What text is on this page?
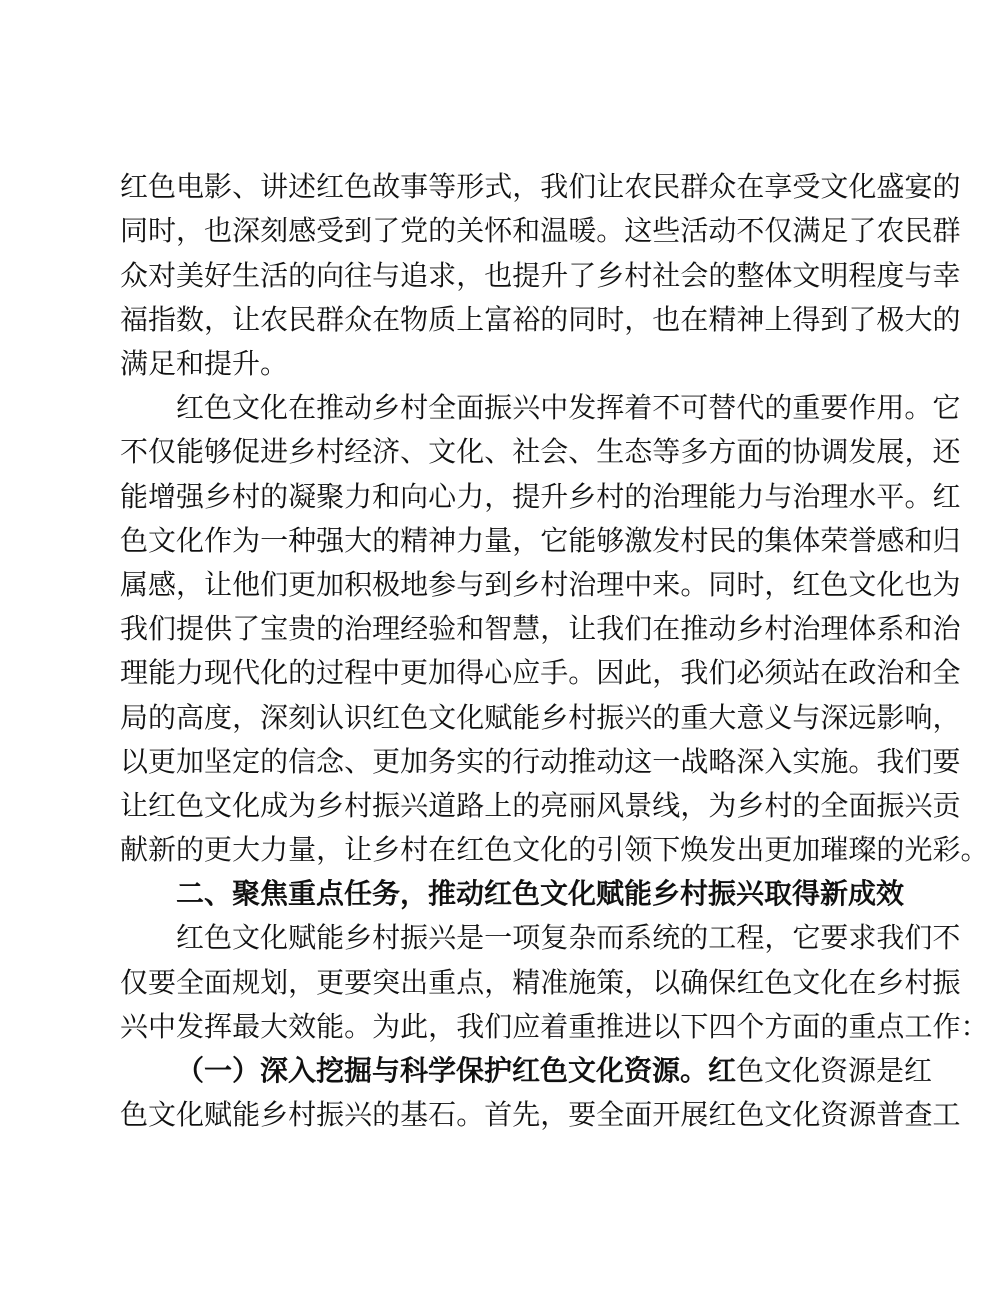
红 色 电 影 、 讲 述 红 色 故 事 等 形 式 ， 我 们 让 农 民 群 众 在 享 受 文 化 盛 宴 的
同 时 ， 也 深 刻 感 受 到 了 党 的 关 怀 和 温 暖 。 这 些 活 动 不 仅 满 足 了 农 民 群
众 对 美 好 生 活 的 向 往 与 追 求 ， 也 提 升 了 乡 村 社 会 的 整 体 文 明 程 度 与 幸
福 指 数 ， 让 农 民 群 众 在 物 质 上 富 裕 的 同 时 ， 也 在 精 神 上 得 到 了 极 大 的
满足和提升。
红 色 文 化 在 推 动 乡 村 全 面 振 兴 中 发 挥 着 不 可 替 代 的 重 要 作 用 。 它
不 仅 能 够 促 进 乡 村 经 济 、 文 化 、 社 会 、 生 态 等 多 方 面 的 协 调 发 展 ， 还
能 增 强 乡 村 的 凝 聚 力 和 向 心 力 ， 提 升 乡 村 的 治 理 能 力 与 治 理 水 平 。 红
色 文 化 作 为 一 种 强 大 的 精 神 力 量 ， 它 能 够 激 发 村 民 的 集 体 荣 誉 感 和 归
属 感 ， 让 他 们 更 加 积 极 地 参 与 到 乡 村 治 理 中 来 。 同 时 ， 红 色 文 化 也 为
我 们 提 供 了 宝 贵 的 治 理 经 验 和 智 慧 ， 让 我 们 在 推 动 乡 村 治 理 体 系 和 治
理 能 力 现 代 化 的 过 程 中 更 加 得 心 应 手 。 因 此 ， 我 们 必 须 站 在 政 治 和 全
局 的 高 度 ， 深 刻 认 识 红 色 文 化 赋 能 乡 村 振 兴 的 重 大 意 义 与 深 远 影 响 ，
以 更 加 坚 定 的 信 念 、 更 加 务 实 的 行 动 推 动 这 一 战 略 深 入 实 施 。 我 们 要
让 红 色 文 化 成 为 乡 村 振 兴 道 路 上 的 亮 丽 风 景 线 ， 为 乡 村 的 全 面 振 兴 贡
献 新 的 更 大 力 量 ， 让 乡 村 在 红 色 文 化 的 引 领 下 焕 发 出 更 加 璀 璨 的 光 彩 。
二、聚焦重点任务，推动红色文化赋能乡村振兴取得新成效
红 色 文 化 赋 能 乡 村 振 兴 是 一 项 复 杂 而 系 统 的 工 程 ， 它 要 求 我 们 不
仅 要 全 面 规 划 ， 更 要 突 出 重 点 ， 精 准 施 策 ， 以 确 保 红 色 文 化 在 乡 村 振
兴 中 发 挥 最 大 效 能 。 为 此 ， 我 们 应 着 重 推 进 以 下 四 个 方 面 的 重 点 工 作 ：
（一）深入挖掘与科学保护红色文化资源。红 色文化资源是红
色 文 化 赋 能 乡 村 振 兴 的 基 石 。 首 先 ， 要 全 面 开 展 红 色 文 化 资 源 普 查 工
